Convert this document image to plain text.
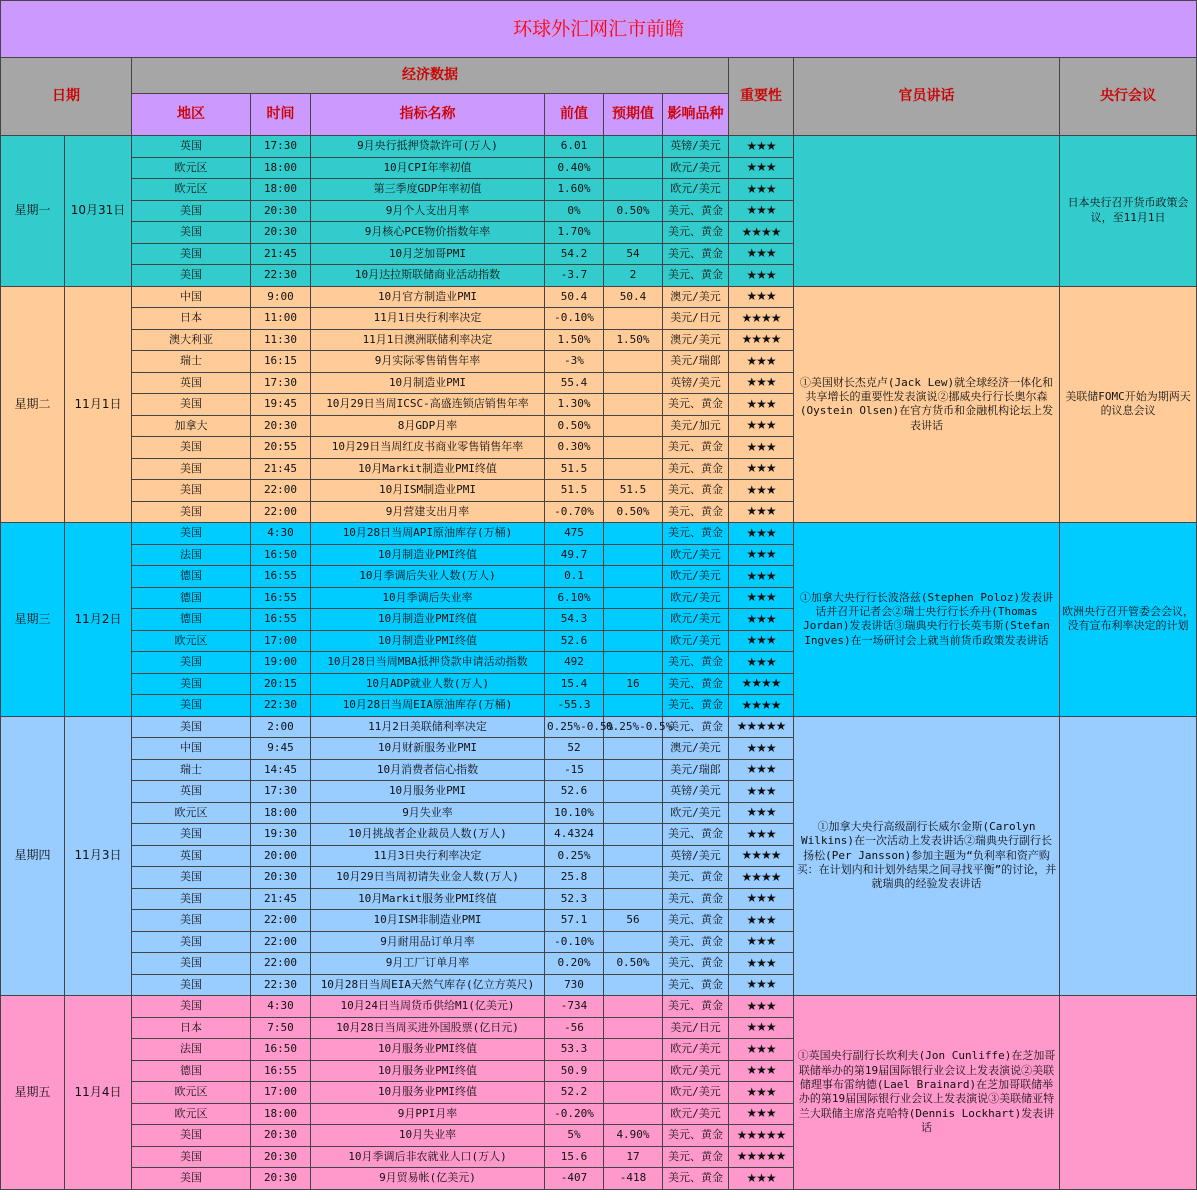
环球外汇网汇市前瞻										
日期		经济数据						重要性	官员讲话	央行会议
		地区	时间	指标名称	前值	预期值	影响品种			
星期一	10月31日	英国	17:30	9月央行抵押贷款许可(万人)	6.01		英镑/美元	★★★		日本央行召开货币政策会议，至11月1日
		欧元区	18:00	10月CPI年率初值	0.40%		欧元/美元	★★★		
		欧元区	18:00	第三季度GDP年率初值	1.60%		欧元/美元	★★★		
		美国	20:30	9月个人支出月率	0%	0.50%	美元、黄金	★★★		
		美国	20:30	9月核心PCE物价指数年率	1.70%		美元、黄金	★★★★		
		美国	21:45	10月芝加哥PMI	54.2	54	美元、黄金	★★★		
		美国	22:30	10月达拉斯联储商业活动指数	-3.7	2	美元、黄金	★★★		
星期二	11月1日	中国	9:00	10月官方制造业PMI	50.4	50.4	澳元/美元	★★★	①美国财长杰克卢(Jack Lew)就全球经济一体化和共享增长的重要性发表演说②挪威央行行长奥尔森(Oystein Olsen)在官方货币和金融机构论坛上发表讲话	美联储FOMC开始为期两天的议息会议
		日本	11:00	11月1日央行利率决定	-0.10%		美元/日元	★★★★		
		澳大利亚	11:30	11月1日澳洲联储利率决定	1.50%	1.50%	澳元/美元	★★★★		
		瑞士	16:15	9月实际零售销售年率	-3%		美元/瑞郎	★★★		
		英国	17:30	10月制造业PMI	55.4		英镑/美元	★★★		
		美国	19:45	10月29日当周ICSC-高盛连锁店销售年率	1.30%		美元、黄金	★★★		
		加拿大	20:30	8月GDP月率	0.50%		美元/加元	★★★		
		美国	20:55	10月29日当周红皮书商业零售销售年率	0.30%		美元、黄金	★★★		
		美国	21:45	10月Markit制造业PMI终值	51.5		美元、黄金	★★★		
		美国	22:00	10月ISM制造业PMI	51.5	51.5	美元、黄金	★★★		
		美国	22:00	9月营建支出月率	-0.70%	0.50%	美元、黄金	★★★		
星期三	11月2日	美国	4:30	10月28日当周API原油库存(万桶)	475		美元、黄金	★★★	①加拿大央行行长波洛兹(Stephen Poloz)发表讲话并召开记者会②瑞士央行行长乔丹(Thomas Jordan)发表讲话③瑞典央行行长英韦斯(Stefan Ingves)在一场研讨会上就当前货币政策发表讲话	欧洲央行召开管委会会议，没有宣布利率决定的计划
		法国	16:50	10月制造业PMI终值	49.7		欧元/美元	★★★		
		德国	16:55	10月季调后失业人数(万人)	0.1		欧元/美元	★★★		
		德国	16:55	10月季调后失业率	6.10%		欧元/美元	★★★		
		德国	16:55	10月制造业PMI终值	54.3		欧元/美元	★★★		
		欧元区	17:00	10月制造业PMI终值	52.6		欧元/美元	★★★		
		美国	19:00	10月28日当周MBA抵押贷款申请活动指数	492		美元、黄金	★★★		
		美国	20:15	10月ADP就业人数(万人)	15.4	16	美元、黄金	★★★★		
		美国	22:30	10月28日当周EIA原油库存(万桶)	-55.3		美元、黄金	★★★★		
星期四	11月3日	美国	2:00	11月2日美联储利率决定	0.25%-0.5%	0.25%-0.5%	美元、黄金	★★★★★	①加拿大央行高级副行长威尔金斯(Carolyn Wilkins)在一次活动上发表讲话②瑞典央行副行长扬松(Per Jansson)参加主题为“负利率和资产购买：在计划内和计划外结果之间寻找平衡”的讨论，并就瑞典的经验发表讲话	
		中国	9:45	10月财新服务业PMI	52		澳元/美元	★★★		
		瑞士	14:45	10月消费者信心指数	-15		美元/瑞郎	★★★		
		英国	17:30	10月服务业PMI	52.6		英镑/美元	★★★		
		欧元区	18:00	9月失业率	10.10%		欧元/美元	★★★		
		美国	19:30	10月挑战者企业裁员人数(万人)	4.4324		美元、黄金	★★★		
		英国	20:00	11月3日央行利率决定	0.25%		英镑/美元	★★★★		
		美国	20:30	10月29日当周初请失业金人数(万人)	25.8		美元、黄金	★★★★		
		美国	21:45	10月Markit服务业PMI终值	52.3		美元、黄金	★★★		
		美国	22:00	10月ISM非制造业PMI	57.1	56	美元、黄金	★★★		
		美国	22:00	9月耐用品订单月率	-0.10%		美元、黄金	★★★		
		美国	22:00	9月工厂订单月率	0.20%	0.50%	美元、黄金	★★★		
		美国	22:30	10月28日当周EIA天然气库存(亿立方英尺)	730		美元、黄金	★★★		
星期五	11月4日	美国	4:30	10月24日当周货币供给M1(亿美元)	-734		美元、黄金	★★★	①英国央行副行长坎利夫(Jon Cunliffe)在芝加哥联储举办的第19届国际银行业会议上发表演说②美联储理事布雷纳德(Lael Brainard)在芝加哥联储举办的第19届国际银行业会议上发表演说③美联储亚特兰大联储主席洛克哈特(Dennis Lockhart)发表讲话	
		日本	7:50	10月28日当周买进外国股票(亿日元)	-56		美元/日元	★★★		
		法国	16:50	10月服务业PMI终值	53.3		欧元/美元	★★★		
		德国	16:55	10月服务业PMI终值	50.9		欧元/美元	★★★		
		欧元区	17:00	10月服务业PMI终值	52.2		欧元/美元	★★★		
		欧元区	18:00	9月PPI月率	-0.20%		欧元/美元	★★★		
		美国	20:30	10月失业率	5%	4.90%	美元、黄金	★★★★★		
		美国	20:30	10月季调后非农就业人口(万人)	15.6	17	美元、黄金	★★★★★		
		美国	20:30	9月贸易帐(亿美元)	-407	-418	美元、黄金	★★★		
